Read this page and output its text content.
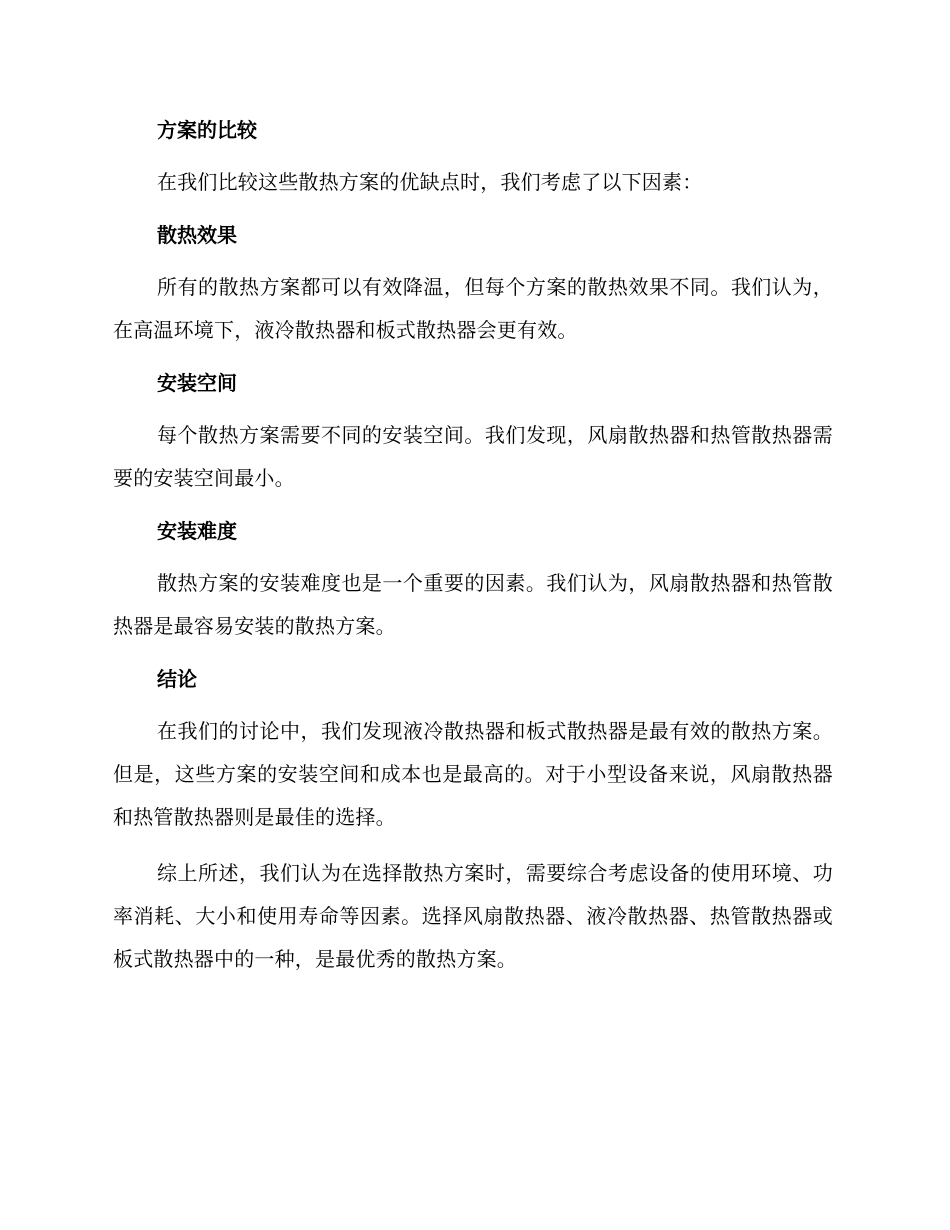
方案的比较

在我们比较这些散热方案的优缺点时，我们考虑了以下因素：

散热效果

所有的散热方案都可以有效降温，但每个方案的散热效果不同。我们认为，在高温环境下，液冷散热器和板式散热器会更有效。

安装空间

每个散热方案需要不同的安装空间。我们发现，风扇散热器和热管散热器需要的安装空间最小。

安装难度

散热方案的安装难度也是一个重要的因素。我们认为，风扇散热器和热管散热器是最容易安装的散热方案。

结论

在我们的讨论中，我们发现液冷散热器和板式散热器是最有效的散热方案。但是，这些方案的安装空间和成本也是最高的。对于小型设备来说，风扇散热器和热管散热器则是最佳的选择。

综上所述，我们认为在选择散热方案时，需要综合考虑设备的使用环境、功率消耗、大小和使用寿命等因素。选择风扇散热器、液冷散热器、热管散热器或板式散热器中的一种，是最优秀的散热方案。
